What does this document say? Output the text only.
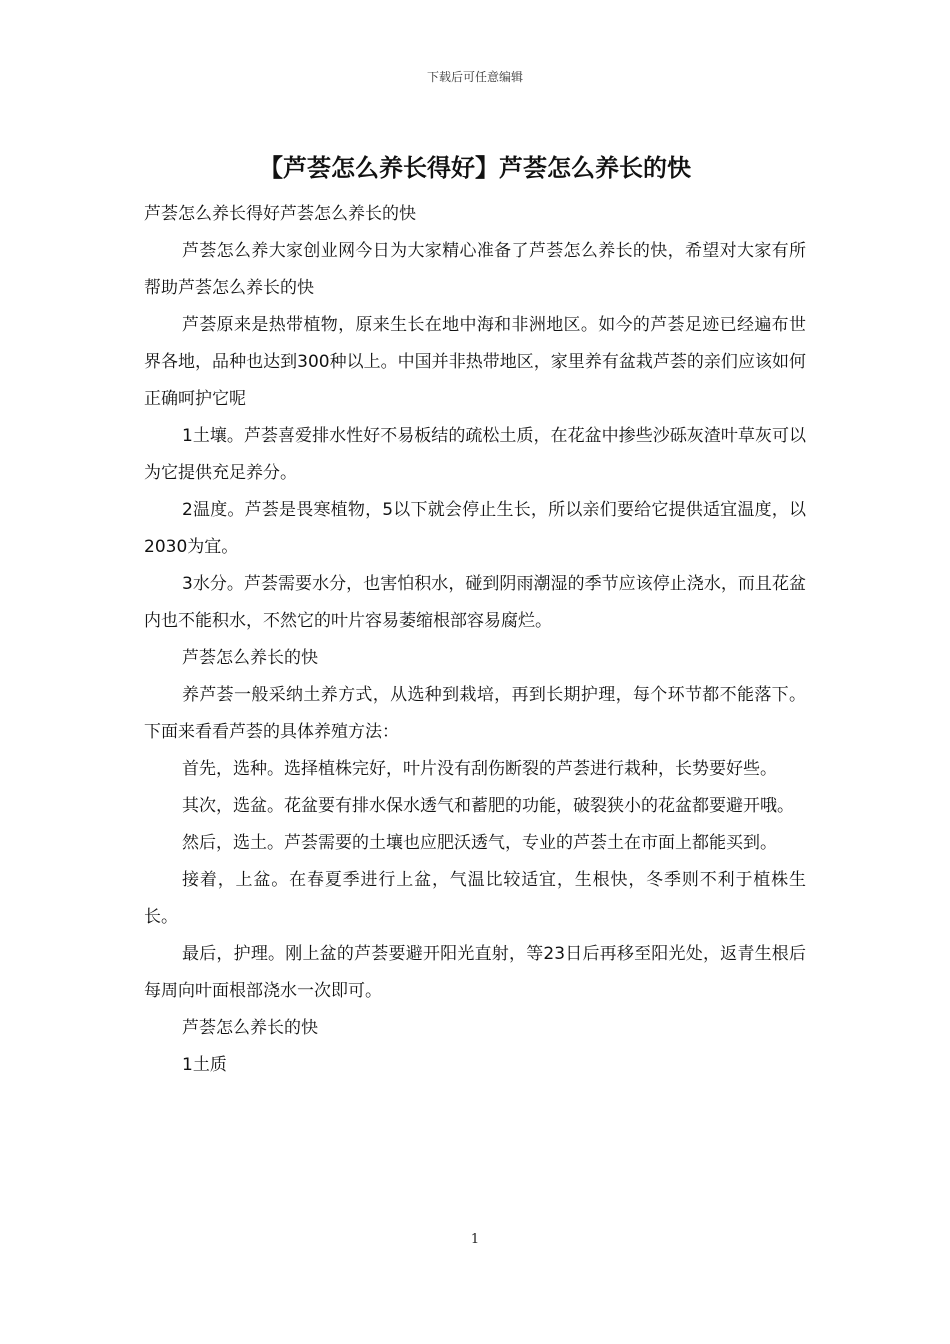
下载后可任意编辑
【芦荟怎么养长得好】芦荟怎么养长的快

芦荟怎么养长得好芦荟怎么养长的快

芦荟怎么养大家创业网今日为大家精心准备了芦荟怎么养长的快，希望对大家有所帮助芦荟怎么养长的快

芦荟原来是热带植物，原来生长在地中海和非洲地区。如今的芦荟足迹已经遍布世界各地，品种也达到300种以上。中国并非热带地区，家里养有盆栽芦荟的亲们应该如何正确呵护它呢

1土壤。芦荟喜爱排水性好不易板结的疏松土质，在花盆中掺些沙砾灰渣叶草灰可以为它提供充足养分。

2温度。芦荟是畏寒植物，5以下就会停止生长，所以亲们要给它提供适宜温度，以2030为宜。

3水分。芦荟需要水分，也害怕积水，碰到阴雨潮湿的季节应该停止浇水，而且花盆内也不能积水，不然它的叶片容易萎缩根部容易腐烂。

芦荟怎么养长的快

养芦荟一般采纳土养方式，从选种到栽培，再到长期护理，每个环节都不能落下。下面来看看芦荟的具体养殖方法：

首先，选种。选择植株完好，叶片没有刮伤断裂的芦荟进行栽种，长势要好些。

其次，选盆。花盆要有排水保水透气和蓄肥的功能，破裂狭小的花盆都要避开哦。

然后，选土。芦荟需要的土壤也应肥沃透气，专业的芦荟土在市面上都能买到。

接着，上盆。在春夏季进行上盆，气温比较适宜，生根快，冬季则不利于植株生长。

最后，护理。刚上盆的芦荟要避开阳光直射，等23日后再移至阳光处，返青生根后每周向叶面根部浇水一次即可。

芦荟怎么养长的快

1土质

1
